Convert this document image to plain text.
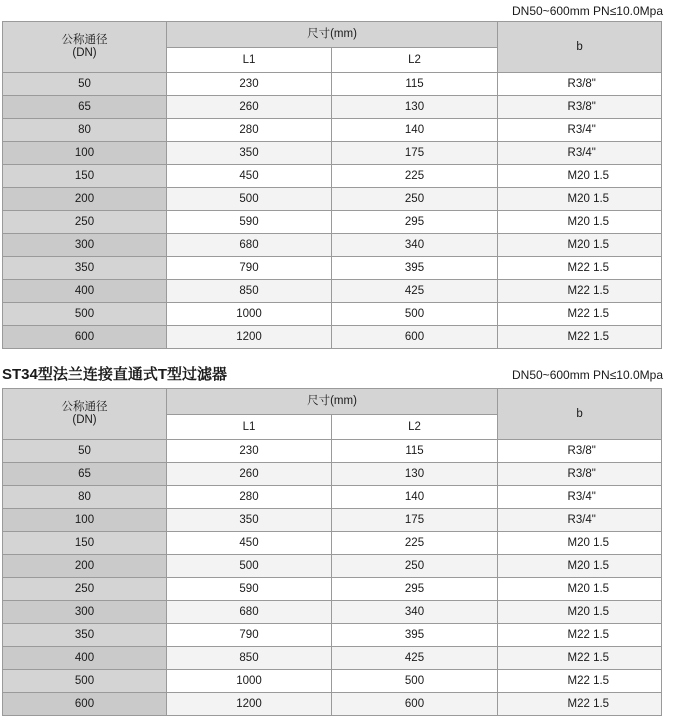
DN50~600mm PN≤10.0Mpa
公称通径
(DN)	尺寸(mm)		b
	L1	L2	
50	230	115	R3/8"
65	260	130	R3/8"
80	280	140	R3/4"
100	350	175	R3/4"
150	450	225	M20 1.5
200	500	250	M20 1.5
250	590	295	M20 1.5
300	680	340	M20 1.5
350	790	395	M22 1.5
400	850	425	M22 1.5
500	1000	500	M22 1.5
600	1200	600	M22 1.5
ST34型法兰连接直通式T型过滤器	DN50~600mm PN≤10.0Mpa
公称通径
(DN)	尺寸(mm)		b
	L1	L2	
50	230	115	R3/8"
65	260	130	R3/8"
80	280	140	R3/4"
100	350	175	R3/4"
150	450	225	M20 1.5
200	500	250	M20 1.5
250	590	295	M20 1.5
300	680	340	M20 1.5
350	790	395	M22 1.5
400	850	425	M22 1.5
500	1000	500	M22 1.5
600	1200	600	M22 1.5
